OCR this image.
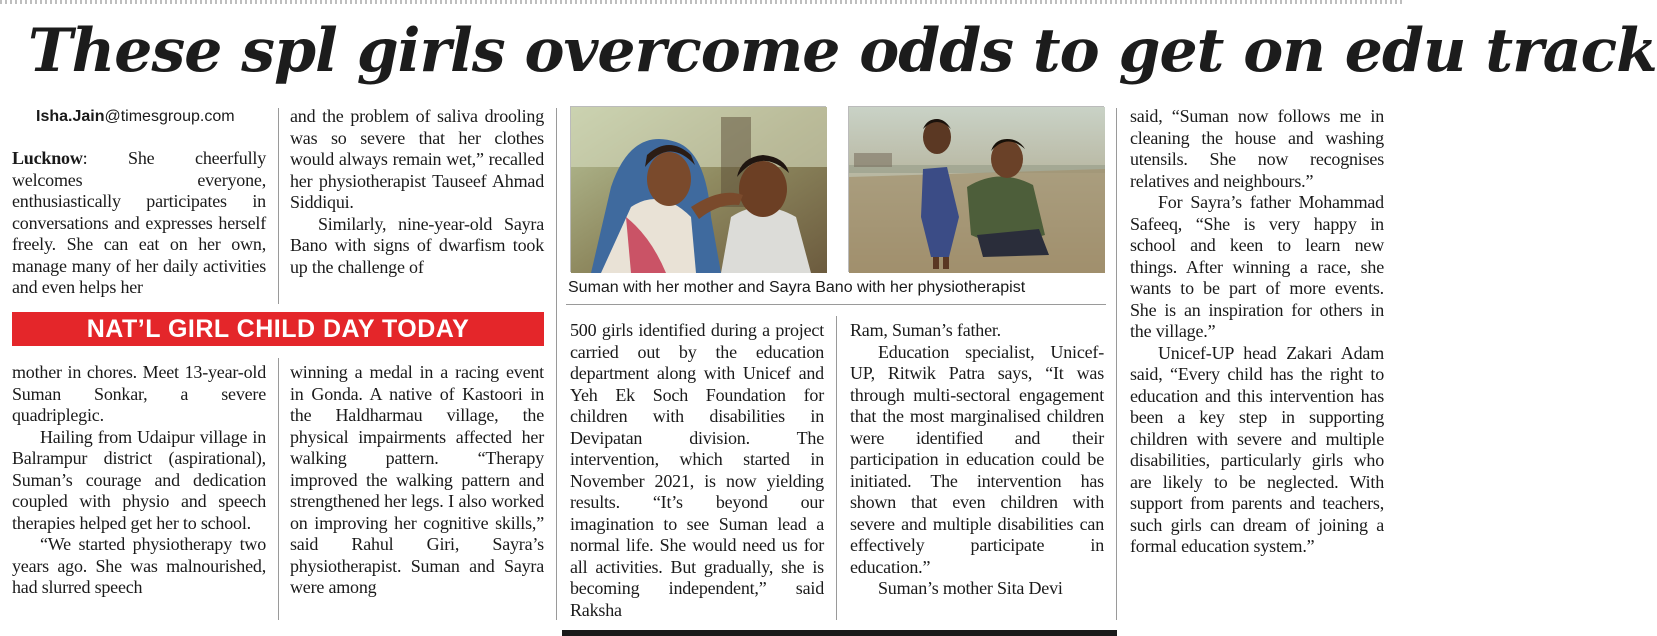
These spl girls overcome odds to get on edu track
Isha.Jain@timesgroup.com

Lucknow: She cheerfully welcomes everyone, enthusiastically participates in conversations and expresses herself freely. She can eat on her own, manage many of her daily activities and even helps her

and the problem of saliva drooling was so severe that her clothes would always remain wet,” recalled her physiotherapist Tauseef Ahmad Siddiqui.

Similarly, nine-year-old Sayra Bano with signs of dwarfism took up the challenge of

NAT’L GIRL CHILD DAY TODAY

mother in chores. Meet 13-year-old Suman Sonkar, a severe quadriplegic.

Hailing from Udaipur village in Balrampur district (aspirational), Suman’s courage and dedication coupled with physio and speech therapies helped get her to school.

“We started physiotherapy two years ago. She was malnourished, had slurred speech

winning a medal in a racing event in Gonda. A native of Kastoori in the Haldharmau village, the physical impairments affected her walking pattern. “Therapy improved the walking pattern and strengthened her legs. I also worked on improving her cognitive skills,” said Rahul Giri, Sayra’s physiotherapist. Suman and Sayra were among

Suman with her mother and Sayra Bano with her physiotherapist

500 girls identified during a project carried out by the education department along with Unicef and Yeh Ek Soch Foundation for children with disabilities in Devipatan division. The intervention, which started in November 2021, is now yielding results. “It’s beyond our imagination to see Suman lead a normal life. She would need us for all activities. But gradually, she is becoming independent,” said Raksha

Ram, Suman’s father.

Education specialist, Unicef-UP, Ritwik Patra says, “It was through multi-sectoral engagement that the most marginalised children were identified and their participation in education could be initiated. The intervention has shown that even children with severe and multiple disabilities can effectively participate in education.”

Suman’s mother Sita Devi

said, “Suman now follows me in cleaning the house and washing utensils. She now recognises relatives and neighbours.”

For Sayra’s father Mohammad Safeeq, “She is very happy in school and keen to learn new things. After winning a race, she wants to be part of more events. She is an inspiration for others in the village.”

Unicef-UP head Zakari Adam said, “Every child has the right to education and this intervention has been a key step in supporting children with severe and multiple disabilities, particularly girls who are likely to be neglected. With support from parents and teachers, such girls can dream of joining a formal education system.”
